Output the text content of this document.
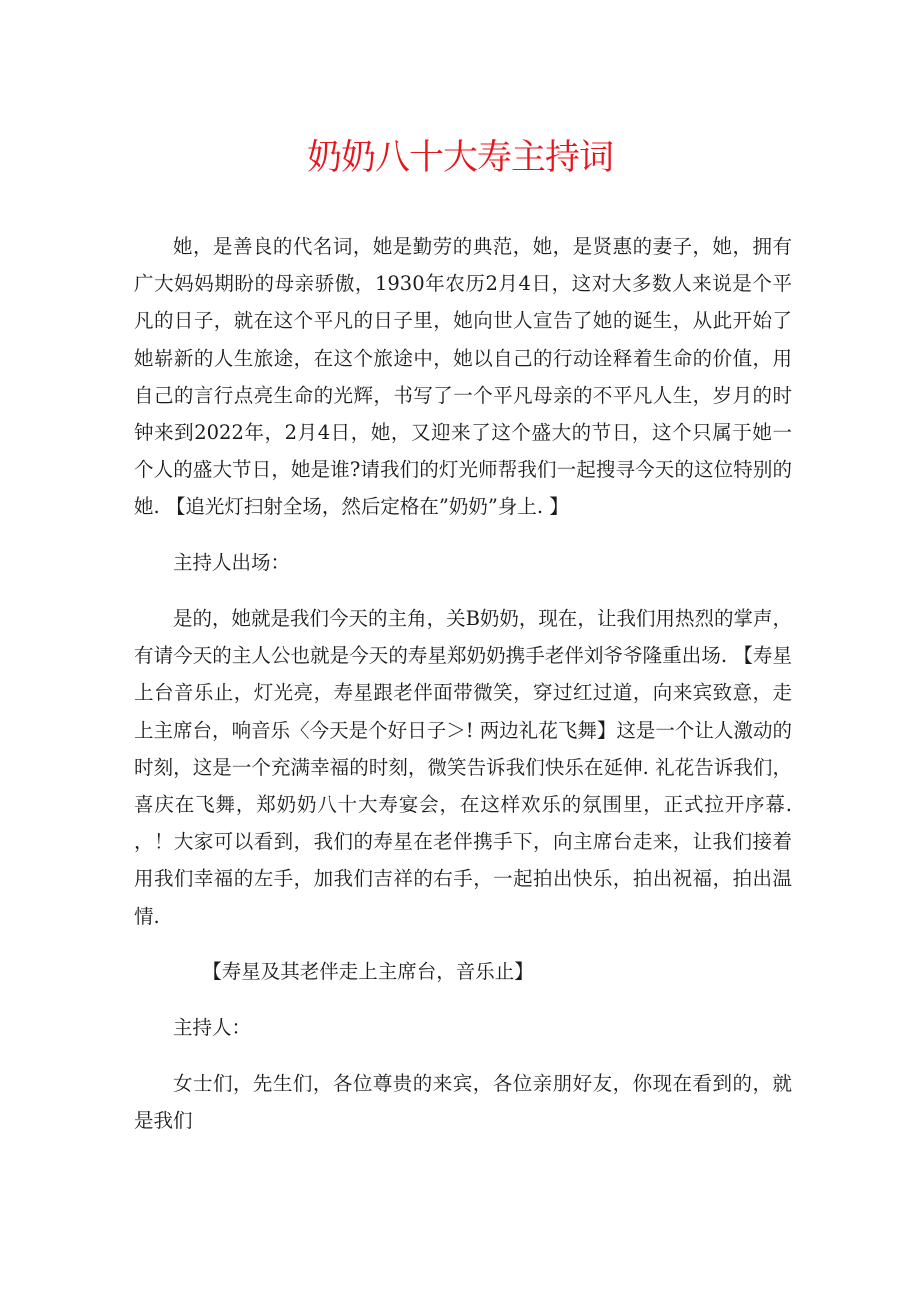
奶奶八十大寿主持词

她，是善良的代名词，她是勤劳的典范，她，是贤惠的妻子，她，拥有广大妈妈期盼的母亲骄傲，1930年农历2月4日，这对大多数人来说是个平凡的日子，就在这个平凡的日子里，她向世人宣告了她的诞生，从此开始了她崭新的人生旅途，在这个旅途中，她以自己的行动诠释着生命的价值，用自己的言行点亮生命的光辉，书写了一个平凡母亲的不平凡人生，岁月的时钟来到2022年，2月4日，她，又迎来了这个盛大的节日，这个只属于她一个人的盛大节日，她是谁?请我们的灯光师帮我们一起搜寻今天的这位特别的她. 【追光灯扫射全场，然后定格在”奶奶”身上. 】

主持人出场：

是的，她就是我们今天的主角，关B奶奶，现在，让我们用热烈的掌声，有请今天的主人公也就是今天的寿星郑奶奶携手老伴刘爷爷隆重出场. 【寿星上台音乐止，灯光亮，寿星跟老伴面带微笑，穿过红过道，向来宾致意，走上主席台，响音乐〈今天是个好日子＞! 两边礼花飞舞】这是一个让人激动的时刻，这是一个充满幸福的时刻，微笑告诉我们快乐在延伸. 礼花告诉我们，喜庆在飞舞，郑奶奶八十大寿宴会，在这样欢乐的氛围里，正式拉开序幕. ，！大家可以看到，我们的寿星在老伴携手下，向主席台走来，让我们接着用我们幸福的左手，加我们吉祥的右手，一起拍出快乐，拍出祝福，拍出温情.

【寿星及其老伴走上主席台，音乐止】

主持人：

女士们，先生们，各位尊贵的来宾，各位亲朋好友，你现在看到的，就是我们
